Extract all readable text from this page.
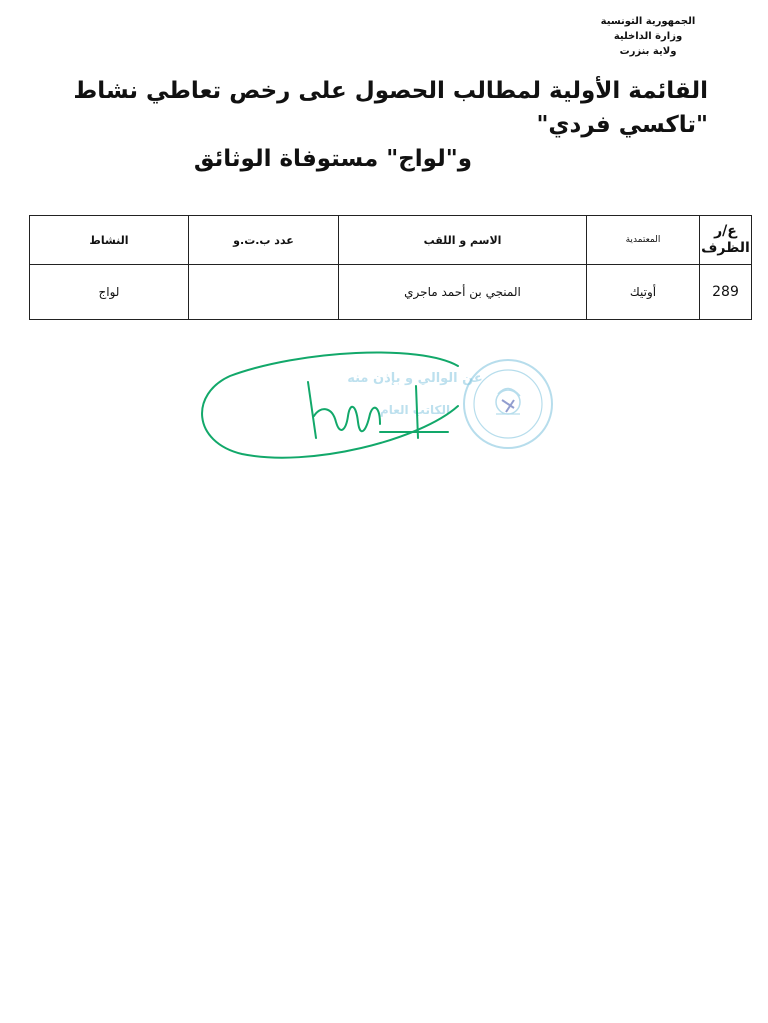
الجمهورية التونسية
وزارة الداخلية
ولاية بنزرت
القائمة الأولية لمطالب الحصول على رخص تعاطي نشاط "تاكسي فردي"
و"لواج" مستوفاة الوثائق
ع/ر الظرف	المعتمدية	الاسم و اللقب	عدد ب.ت.و	النشاط
289	أوتيك	المنجي بن أحمد ماجري		لواج
عن الوالي و بإذن منه
الكاتب العام
